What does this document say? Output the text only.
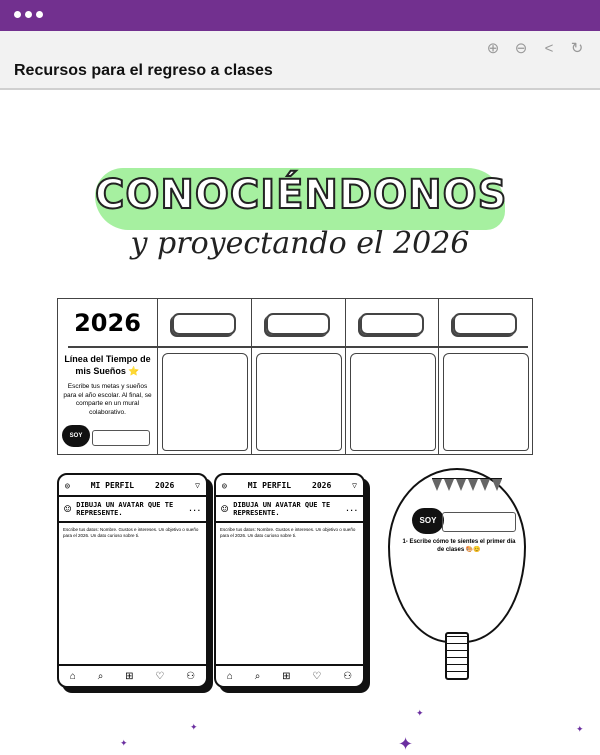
⊕ ⊖	<	↻
Recursos para el regreso a clases
CONOCIÉNDONOS
y proyectando el 2026
2026
Línea del Tiempo de mis Sueños ⭐
Escribe tus metas y sueños para el año escolar. Al final, se comparte en un mural colaborativo.
SOY
◎	MI PERFIL	2026	▽
☺ DIBUJA UN AVATAR QUE TE REPRESENTE.	...
Escribe tus datos: Nombre. Gustos e intereses. Un objetivo o sueño para el 2026. Un dato curioso sobre ti.
⌂ ⌕ ⊞ ♡ ⚇
◎	MI PERFIL	2026	▽
☺ DIBUJA UN AVATAR QUE TE REPRESENTE.	...
Escribe tus datos: Nombre. Gustos e intereses. Un objetivo o sueño para el 2026. Un dato curioso sobre ti.
⌂ ⌕ ⊞ ♡ ⚇
SOY
1- Escribe cómo te sientes el primer día de clases 🎨😊
✦
✦
✦
✦
✦
